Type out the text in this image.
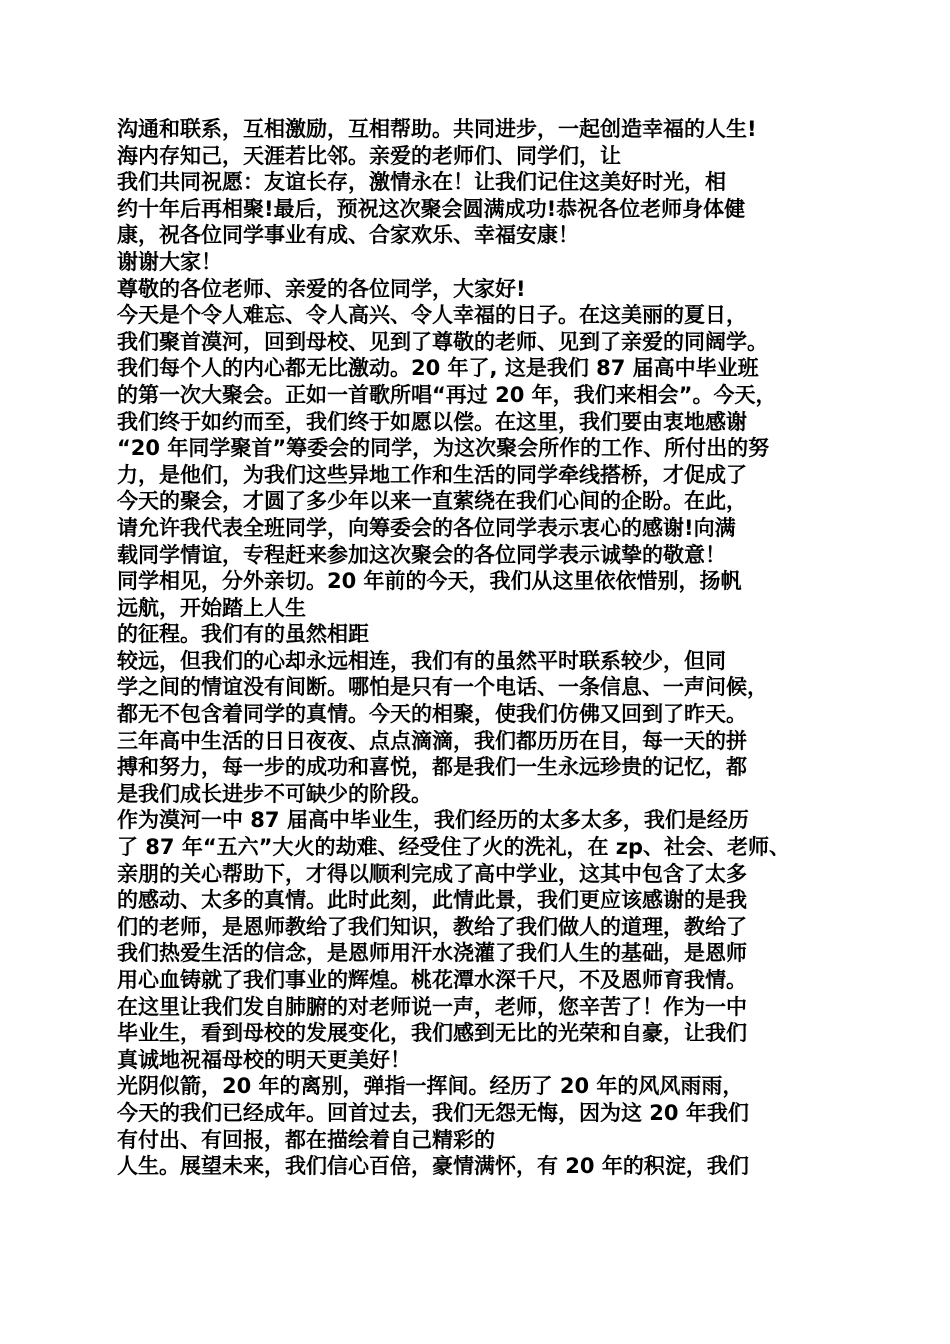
沟通和联系，互相激励，互相帮助。共同进步，一起创造幸福的人生!
海内存知己，天涯若比邻。亲爱的老师们、同学们，让
我们共同祝愿：友谊长存，激情永在！让我们记住这美好时光，相
约十年后再相聚!最后，预祝这次聚会圆满成功!恭祝各位老师身体健
康，祝各位同学事业有成、合家欢乐、幸福安康！
谢谢大家！
尊敬的各位老师、亲爱的各位同学，大家好!
今天是个令人难忘、令人高兴、令人幸福的日子。在这美丽的夏日，
我们聚首漠河，回到母校、见到了尊敬的老师、见到了亲爱的同阔学。
我们每个人的内心都无比激动。20 年了, 这是我们 87 届高中毕业班
的第一次大聚会。正如一首歌所唱“再过 20 年，我们来相会”。今天，
我们终于如约而至，我们终于如愿以偿。在这里，我们要由衷地感谢
“20 年同学聚首”筹委会的同学，为这次聚会所作的工作、所付出的努
力，是他们，为我们这些异地工作和生活的同学牵线搭桥，才促成了
今天的聚会，才圆了多少年以来一直萦绕在我们心间的企盼。在此，
请允许我代表全班同学，向筹委会的各位同学表示衷心的感谢!向满
载同学情谊，专程赶来参加这次聚会的各位同学表示诚挚的敬意！
同学相见，分外亲切。20 年前的今天，我们从这里依依惜别，扬帆
远航，开始踏上人生
的征程。我们有的虽然相距
较远，但我们的心却永远相连，我们有的虽然平时联系较少，但同
学之间的情谊没有间断。哪怕是只有一个电话、一条信息、一声问候，
都无不包含着同学的真情。今天的相聚，使我们仿佛又回到了昨天。
三年高中生活的日日夜夜、点点滴滴，我们都历历在目，每一天的拼
搏和努力，每一步的成功和喜悦，都是我们一生永远珍贵的记忆，都
是我们成长进步不可缺少的阶段。
作为漠河一中 87 届高中毕业生，我们经历的太多太多，我们是经历
了 87 年“五六”大火的劫难、经受住了火的洗礼，在 zp、社会、老师、
亲朋的关心帮助下，才得以顺利完成了高中学业，这其中包含了太多
的感动、太多的真情。此时此刻，此情此景，我们更应该感谢的是我
们的老师，是恩师教给了我们知识，教给了我们做人的道理，教给了
我们热爱生活的信念，是恩师用汗水浇灌了我们人生的基础，是恩师
用心血铸就了我们事业的辉煌。桃花潭水深千尺，不及恩师育我情。
在这里让我们发自肺腑的对老师说一声，老师，您辛苦了！作为一中
毕业生，看到母校的发展变化，我们感到无比的光荣和自豪，让我们
真诚地祝福母校的明天更美好！
光阴似箭，20 年的离别，弹指一挥间。经历了 20 年的风风雨雨，
今天的我们已经成年。回首过去，我们无怨无悔，因为这 20 年我们
有付出、有回报，都在描绘着自己精彩的
人生。展望未来，我们信心百倍，豪情满怀，有 20 年的积淀，我们
